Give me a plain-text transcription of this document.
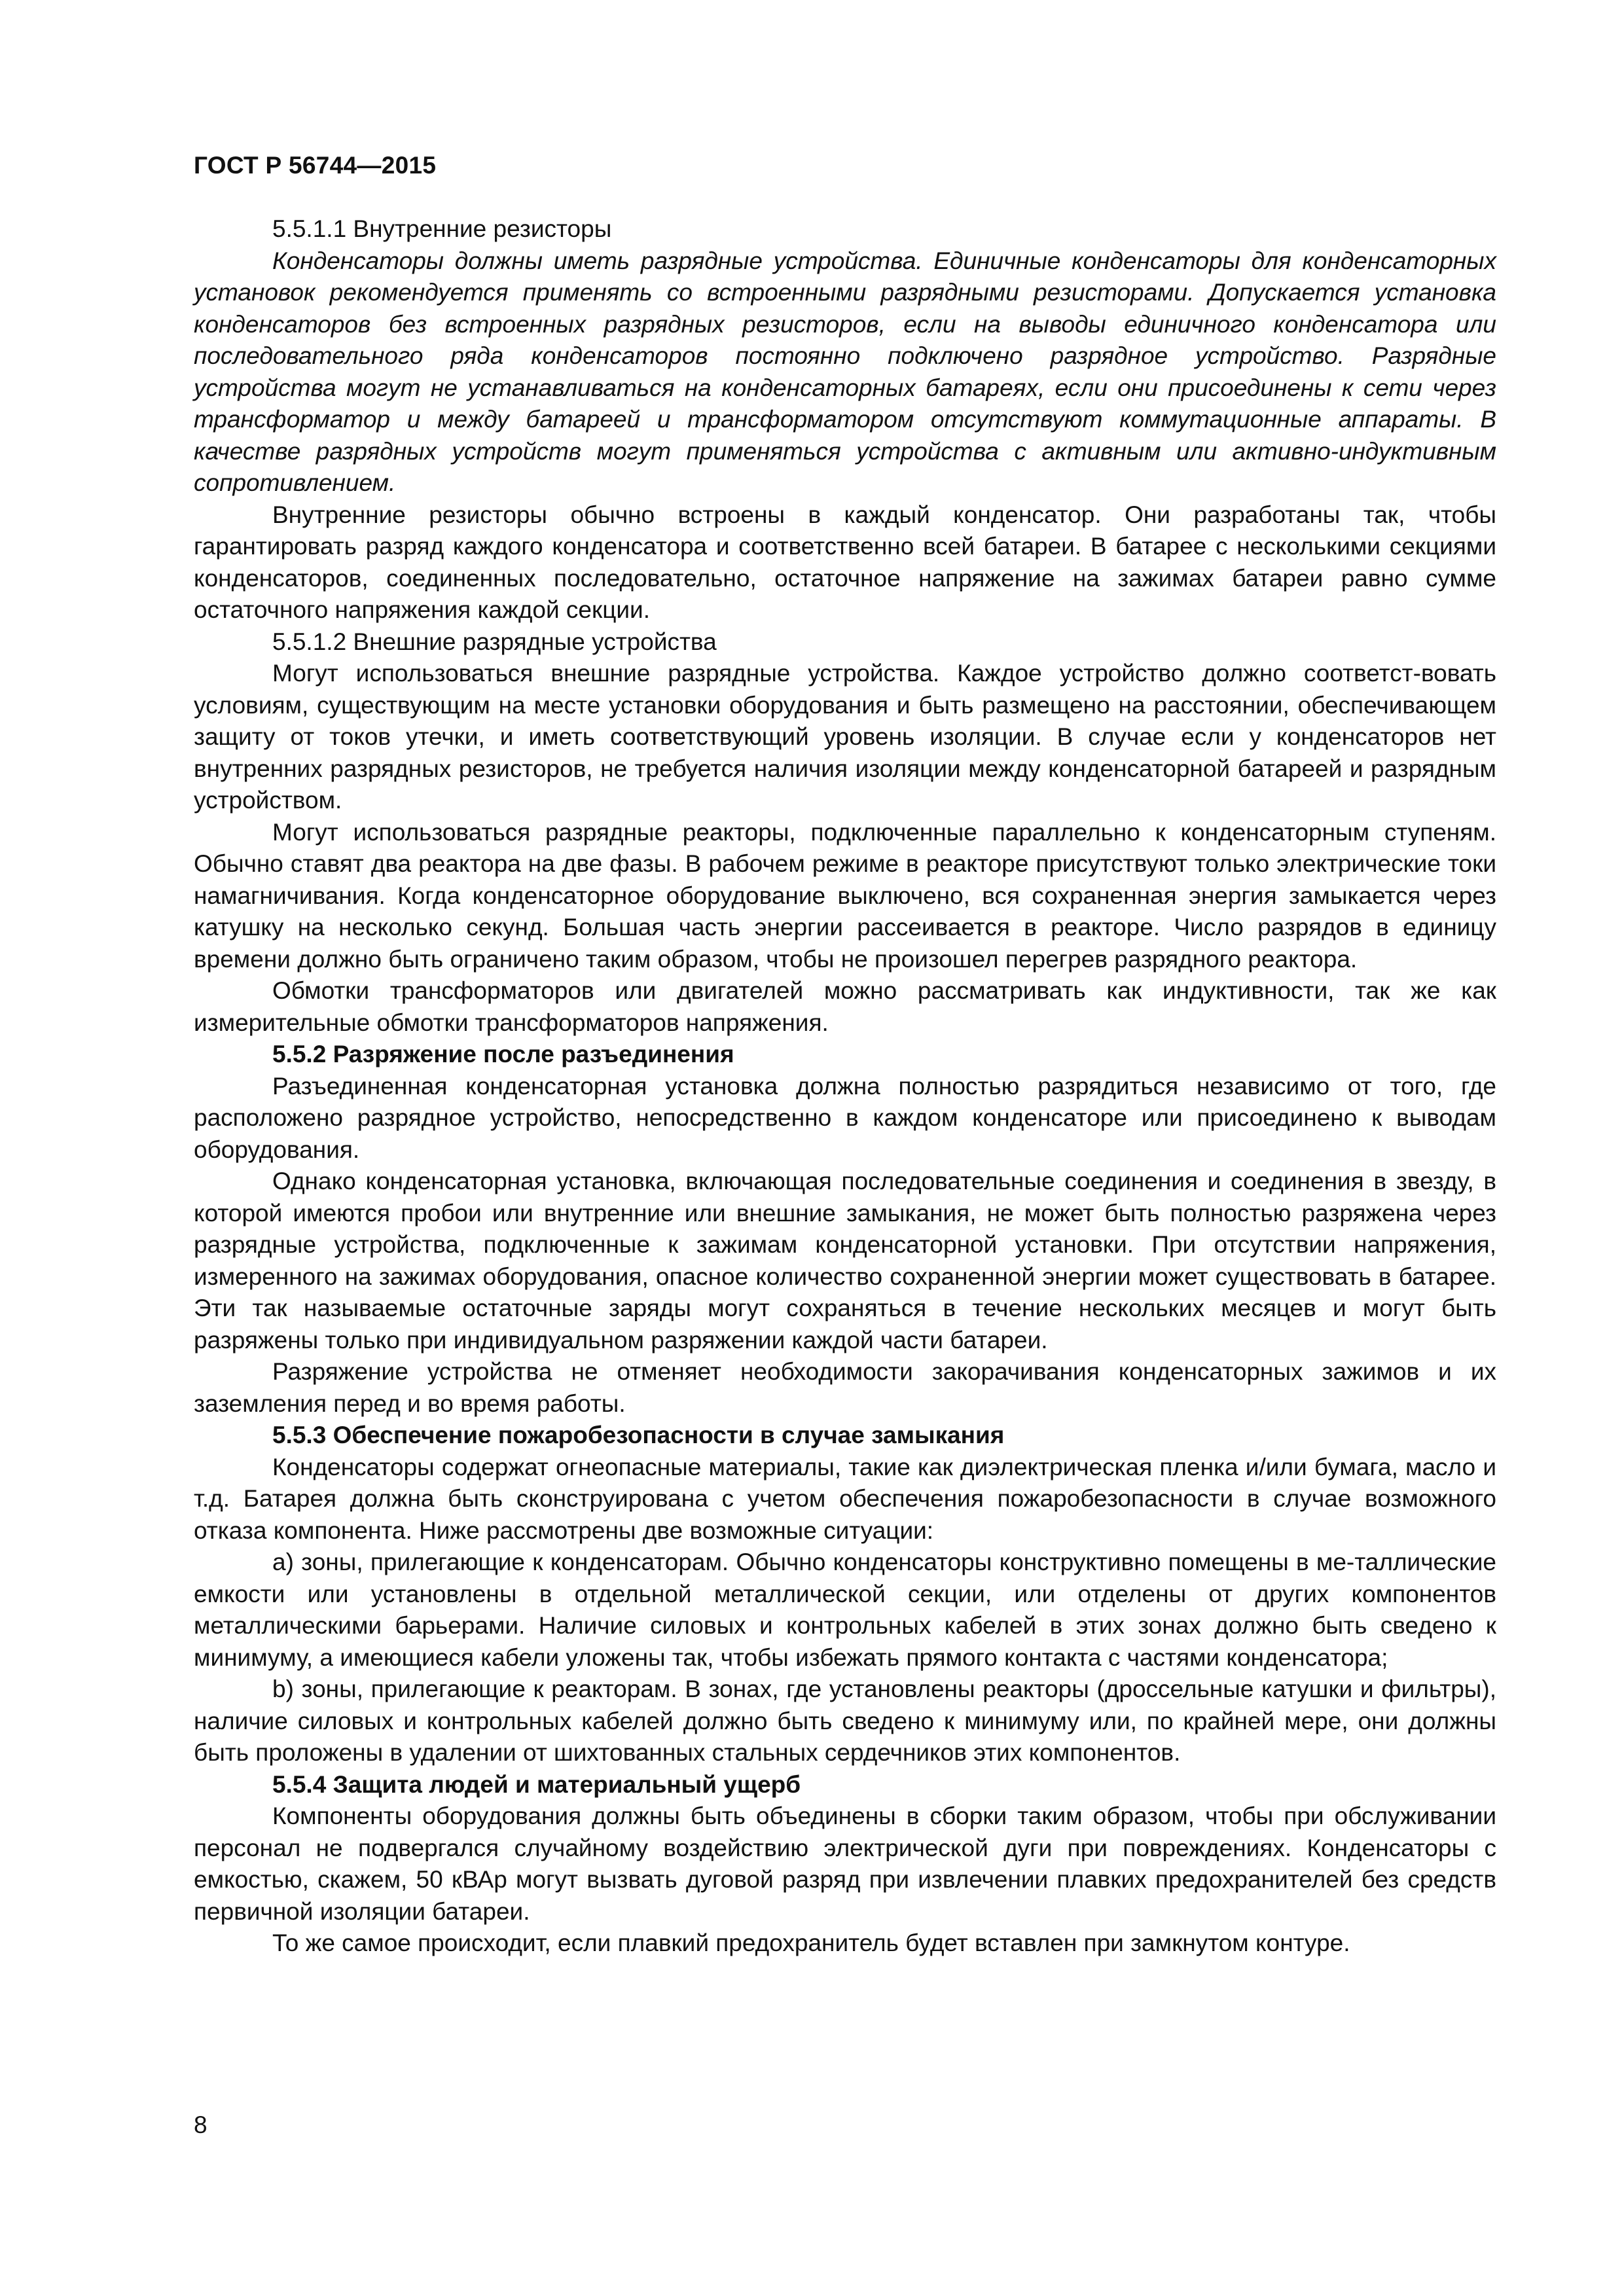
ГОСТ Р 56744—2015

5.5.1.1 Внутренние резисторы

Конденсаторы должны иметь разрядные устройства. Единичные конденсаторы для конденсаторных установок рекомендуется применять со встроенными разрядными резисторами. Допускается установка конденсаторов без встроенных разрядных резисторов, если на выводы единичного конденсатора или последовательного ряда конденсаторов постоянно подключено разрядное устройство. Разрядные устройства могут не устанавливаться на конденсаторных батареях, если они присоединены к сети через трансформатор и между батареей и трансформатором отсутствуют коммутационные аппараты. В качестве разрядных устройств могут применяться устройства с активным или активно-индуктивным сопротивлением.

Внутренние резисторы обычно встроены в каждый конденсатор. Они разработаны так, чтобы гарантировать разряд каждого конденсатора и соответственно всей батареи. В батарее с несколькими секциями конденсаторов, соединенных последовательно, остаточное напряжение на зажимах батареи равно сумме остаточного напряжения каждой секции.

5.5.1.2 Внешние разрядные устройства

Могут использоваться внешние разрядные устройства. Каждое устройство должно соответст-вовать условиям, существующим на месте установки оборудования и быть размещено на расстоянии, обеспечивающем защиту от токов утечки, и иметь соответствующий уровень изоляции. В случае если у конденсаторов нет внутренних разрядных резисторов, не требуется наличия изоляции между конденсаторной батареей и разрядным устройством.

Могут использоваться разрядные реакторы, подключенные параллельно к конденсаторным ступеням. Обычно ставят два реактора на две фазы. В рабочем режиме в реакторе присутствуют только электрические токи намагничивания. Когда конденсаторное оборудование выключено, вся сохраненная энергия замыкается через катушку на несколько секунд. Большая часть энергии рассеивается в реакторе. Число разрядов в единицу времени должно быть ограничено таким образом, чтобы не произошел перегрев разрядного реактора.

Обмотки трансформаторов или двигателей можно рассматривать как индуктивности, так же как измерительные обмотки трансформаторов напряжения.

5.5.2 Разряжение после разъединения

Разъединенная конденсаторная установка должна полностью разрядиться независимо от того, где расположено разрядное устройство, непосредственно в каждом конденсаторе или присоединено к выводам оборудования.

Однако конденсаторная установка, включающая последовательные соединения и соединения в звезду, в которой имеются пробои или внутренние или внешние замыкания, не может быть полностью разряжена через разрядные устройства, подключенные к зажимам конденсаторной установки. При отсутствии напряжения, измеренного на зажимах оборудования, опасное количество сохраненной энергии может существовать в батарее. Эти так называемые остаточные заряды могут сохраняться в течение нескольких месяцев и могут быть разряжены только при индивидуальном разряжении каждой части батареи.

Разряжение устройства не отменяет необходимости закорачивания конденсаторных зажимов и их заземления перед и во время работы.

5.5.3 Обеспечение пожаробезопасности в случае замыкания

Конденсаторы содержат огнеопасные материалы, такие как диэлектрическая пленка и/или бумага, масло и т.д. Батарея должна быть сконструирована с учетом обеспечения пожаробезопасности в случае возможного отказа компонента. Ниже рассмотрены две возможные ситуации:

a) зоны, прилегающие к конденсаторам. Обычно конденсаторы конструктивно помещены в ме-таллические емкости или установлены в отдельной металлической секции, или отделены от других компонентов металлическими барьерами. Наличие силовых и контрольных кабелей в этих зонах должно быть сведено к минимуму, а имеющиеся кабели уложены так, чтобы избежать прямого контакта с частями конденсатора;

b) зоны, прилегающие к реакторам. В зонах, где установлены реакторы (дроссельные катушки и фильтры), наличие силовых и контрольных кабелей должно быть сведено к минимуму или, по крайней мере, они должны быть проложены в удалении от шихтованных стальных сердечников этих компонентов.

5.5.4 Защита людей и материальный ущерб

Компоненты оборудования должны быть объединены в сборки таким образом, чтобы при обслуживании персонал не подвергался случайному воздействию электрической дуги при повреждениях. Конденсаторы с емкостью, скажем, 50 кВАр могут вызвать дуговой разряд при извлечении плавких предохранителей без средств первичной изоляции батареи.

То же самое происходит, если плавкий предохранитель будет вставлен при замкнутом контуре.

8
